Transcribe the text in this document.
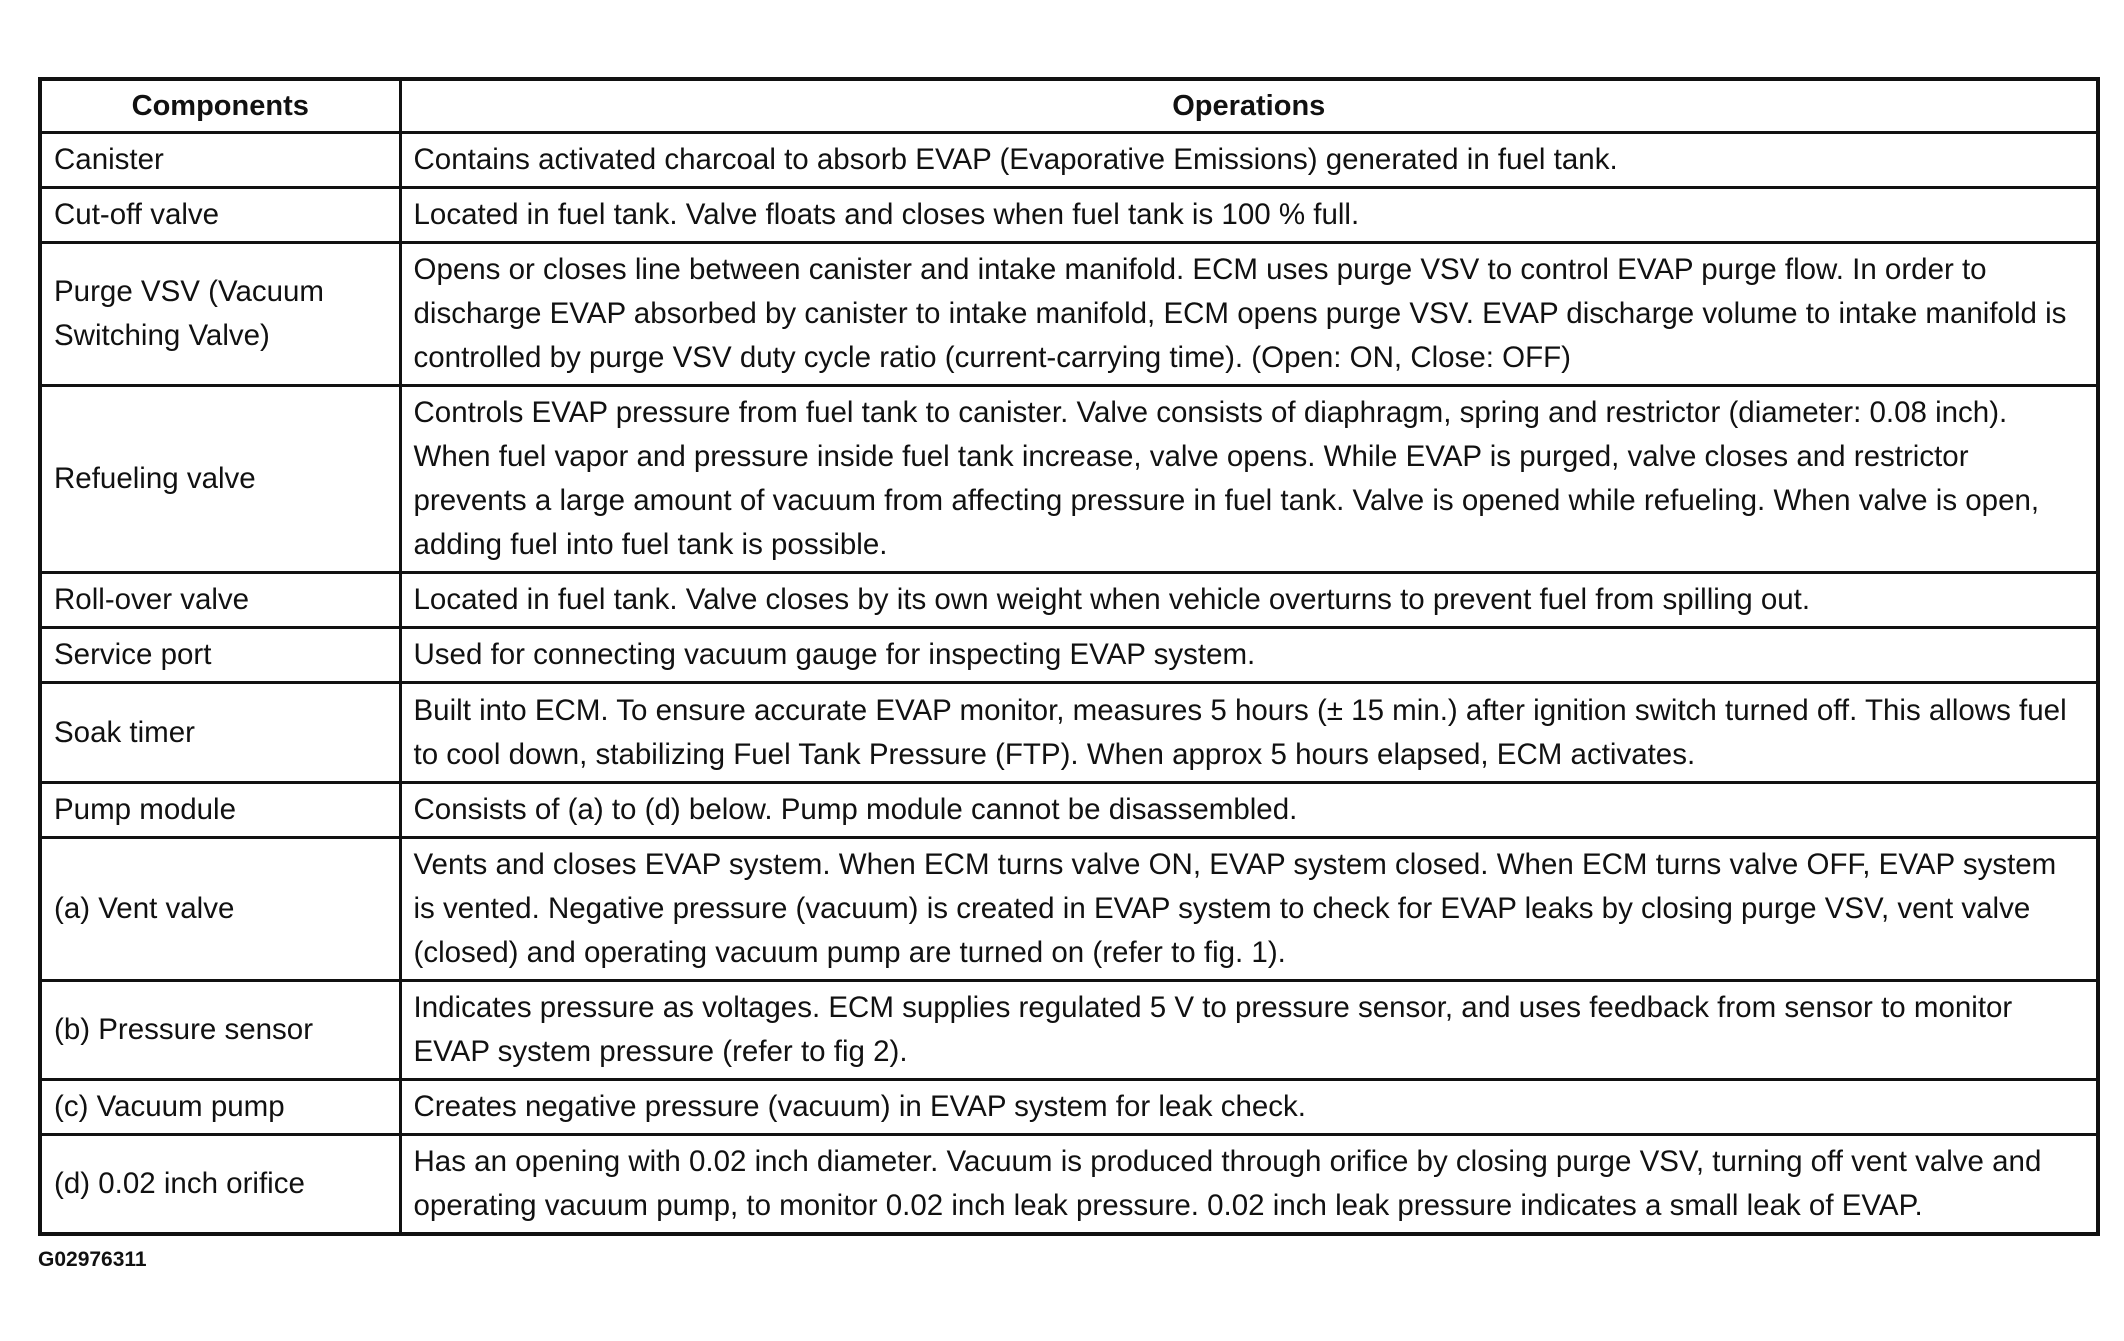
Components	Operations
Canister	Contains activated charcoal to absorb EVAP (Evaporative Emissions) generated in fuel tank.
Cut-off valve	Located in fuel tank. Valve floats and closes when fuel tank is 100 % full.
Purge VSV (Vacuum Switching Valve)	Opens or closes line between canister and intake manifold. ECM uses purge VSV to control EVAP purge flow. In order to discharge EVAP absorbed by canister to intake manifold, ECM opens purge VSV. EVAP discharge volume to intake manifold is controlled by purge VSV duty cycle ratio (current-carrying time). (Open: ON, Close: OFF)
Refueling valve	Controls EVAP pressure from fuel tank to canister. Valve consists of diaphragm, spring and restrictor (diameter: 0.08 inch). When fuel vapor and pressure inside fuel tank increase, valve opens. While EVAP is purged, valve closes and restrictor prevents a large amount of vacuum from affecting pressure in fuel tank. Valve is opened while refueling. When valve is open, adding fuel into fuel tank is possible.
Roll-over valve	Located in fuel tank. Valve closes by its own weight when vehicle overturns to prevent fuel from spilling out.
Service port	Used for connecting vacuum gauge for inspecting EVAP system.
Soak timer	Built into ECM. To ensure accurate EVAP monitor, measures 5 hours (± 15 min.) after ignition switch turned off. This allows fuel to cool down, stabilizing Fuel Tank Pressure (FTP). When approx 5 hours elapsed, ECM activates.
Pump module	Consists of (a) to (d) below. Pump module cannot be disassembled.
(a) Vent valve	Vents and closes EVAP system. When ECM turns valve ON, EVAP system closed. When ECM turns valve OFF, EVAP system is vented. Negative pressure (vacuum) is created in EVAP system to check for EVAP leaks by closing purge VSV, vent valve (closed) and operating vacuum pump are turned on (refer to fig. 1).
(b) Pressure sensor	Indicates pressure as voltages. ECM supplies regulated 5 V to pressure sensor, and uses feedback from sensor to monitor EVAP system pressure (refer to fig 2).
(c) Vacuum pump	Creates negative pressure (vacuum) in EVAP system for leak check.
(d) 0.02 inch orifice	Has an opening with 0.02 inch diameter. Vacuum is produced through orifice by closing purge VSV, turning off vent valve and operating vacuum pump, to monitor 0.02 inch leak pressure. 0.02 inch leak pressure indicates a small leak of EVAP.
G02976311
